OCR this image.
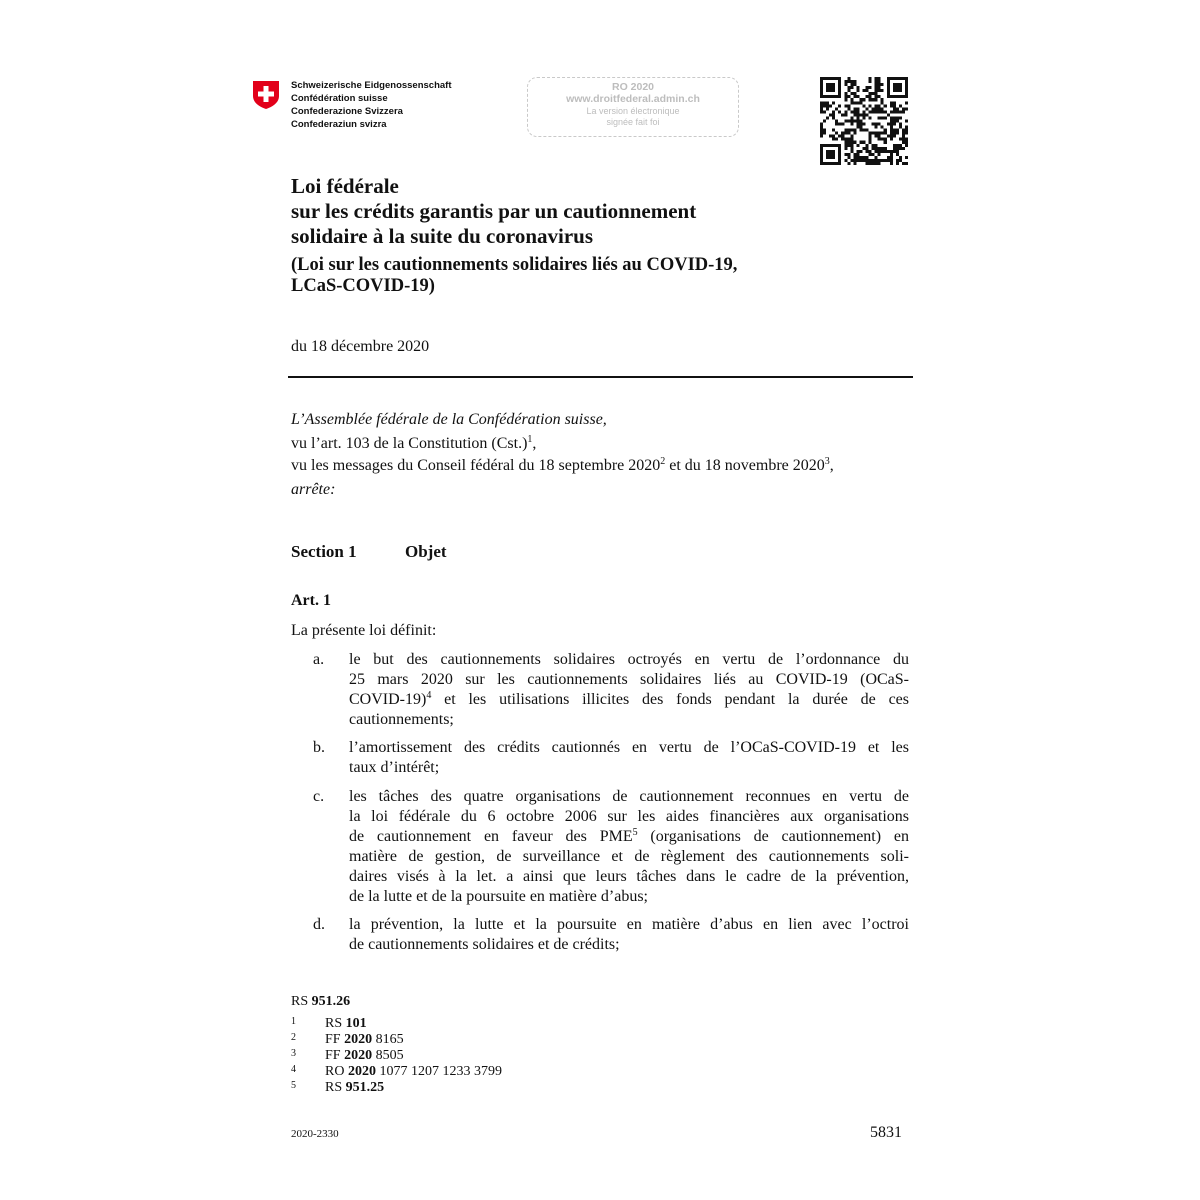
Schweizerische Eidgenossenschaft
Confédération suisse
Confederazione Svizzera
Confederaziun svizra
RO 2020
www.droitfederal.admin.ch
La version électronique
signée fait foi
Loi fédérale
sur les crédits garantis par un cautionnement
solidaire à la suite du coronavirus
(Loi sur les cautionnements solidaires liés au COVID-19,
LCaS-COVID-19)
du 18 décembre 2020
L’Assemblée fédérale de la Confédération suisse,
vu l’art. 103 de la Constitution $(Cst.)^1$,
vu les messages du Conseil fédéral du 18 septembre 2020$^2$ et du 18 novembre 2020$^3$,
arrête:
Section 1	Objet
Art. 1
La présente loi définit:
a. le but des cautionnements solidaires octroyés en vertu de l’ordonnance du
25 mars 2020 sur les cautionnements solidaires liés au COVID-19 (OCaS-
COVID-19)$^4$ et les utilisations illicites des fonds pendant la durée de ces
cautionnements;
b. l’amortissement des crédits cautionnés en vertu de l’OCaS-COVID-19 et les
taux d’intérêt;
c. les tâches des quatre organisations de cautionnement reconnues en vertu de
la loi fédérale du 6 octobre 2006 sur les aides financières aux organisations
de cautionnement en faveur des PME$^5$ (organisations de cautionnement) en
matière de gestion, de surveillance et de règlement des cautionnements soli-
daires visés à la let. a ainsi que leurs tâches dans le cadre de la prévention,
de la lutte et de la poursuite en matière d’abus;
d. la prévention, la lutte et la poursuite en matière d’abus en lien avec l’octroi
de cautionnements solidaires et de crédits;
RS 951.26
1 RS 101
2 FF 2020 8165
3 FF 2020 8505
4 RO 2020 1077 1207 1233 3799
5 RS 951.25
2020-2330	5831
